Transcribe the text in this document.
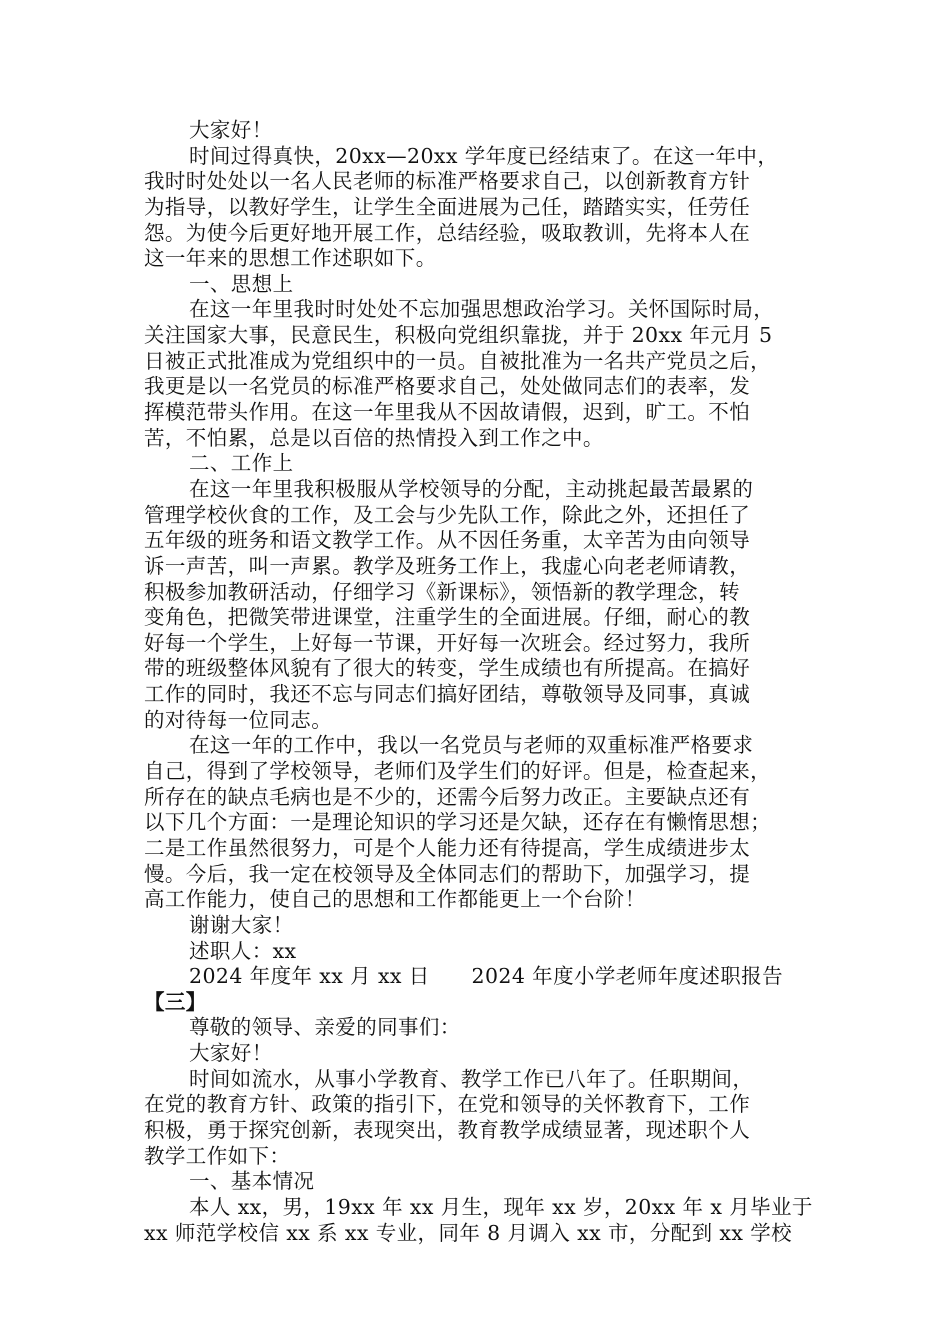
大家好！
时间过得真快，20xx—20xx 学年度已经结束了。在这一年中，
我时时处处以一名人民老师的标准严格要求自己，以创新教育方针
为指导，以教好学生，让学生全面进展为己任，踏踏实实，任劳任
怨。为使今后更好地开展工作，总结经验，吸取教训，先将本人在
这一年来的思想工作述职如下。
一、思想上
在这一年里我时时处处不忘加强思想政治学习。关怀国际时局，
关注国家大事，民意民生，积极向党组织靠拢，并于 20xx 年元月 5
日被正式批准成为党组织中的一员。自被批准为一名共产党员之后，
我更是以一名党员的标准严格要求自己，处处做同志们的表率，发
挥模范带头作用。在这一年里我从不因故请假，迟到，旷工。不怕
苦，不怕累，总是以百倍的热情投入到工作之中。
二、工作上
在这一年里我积极服从学校领导的分配，主动挑起最苦最累的
管理学校伙食的工作，及工会与少先队工作，除此之外，还担任了
五年级的班务和语文教学工作。从不因任务重，太辛苦为由向领导
诉一声苦，叫一声累。教学及班务工作上，我虚心向老老师请教，
积极参加教研活动，仔细学习《新课标》，领悟新的教学理念，转
变角色，把微笑带进课堂，注重学生的全面进展。仔细，耐心的教
好每一个学生，上好每一节课，开好每一次班会。经过努力，我所
带的班级整体风貌有了很大的转变，学生成绩也有所提高。在搞好
工作的同时，我还不忘与同志们搞好团结，尊敬领导及同事，真诚
的对待每一位同志。
在这一年的工作中，我以一名党员与老师的双重标准严格要求
自己，得到了学校领导，老师们及学生们的好评。但是，检查起来，
所存在的缺点毛病也是不少的，还需今后努力改正。主要缺点还有
以下几个方面：一是理论知识的学习还是欠缺，还存在有懒惰思想；
二是工作虽然很努力，可是个人能力还有待提高，学生成绩进步太
慢。今后，我一定在校领导及全体同志们的帮助下，加强学习，提
高工作能力，使自己的思想和工作都能更上一个台阶！
谢谢大家！
述职人：xx
2024 年度年 xx 月 xx 日　　2024 年度小学老师年度述职报告
【三】
尊敬的领导、亲爱的同事们：
大家好！
时间如流水，从事小学教育、教学工作已八年了。任职期间，
在党的教育方针、政策的指引下，在党和领导的关怀教育下，工作
积极，勇于探究创新，表现突出，教育教学成绩显著，现述职个人
教学工作如下：
一、基本情况
本人 xx，男，19xx 年 xx 月生，现年 xx 岁，20xx 年 x 月毕业于
xx 师范学校信 xx 系 xx 专业，同年 8 月调入 xx 市，分配到 xx 学校
